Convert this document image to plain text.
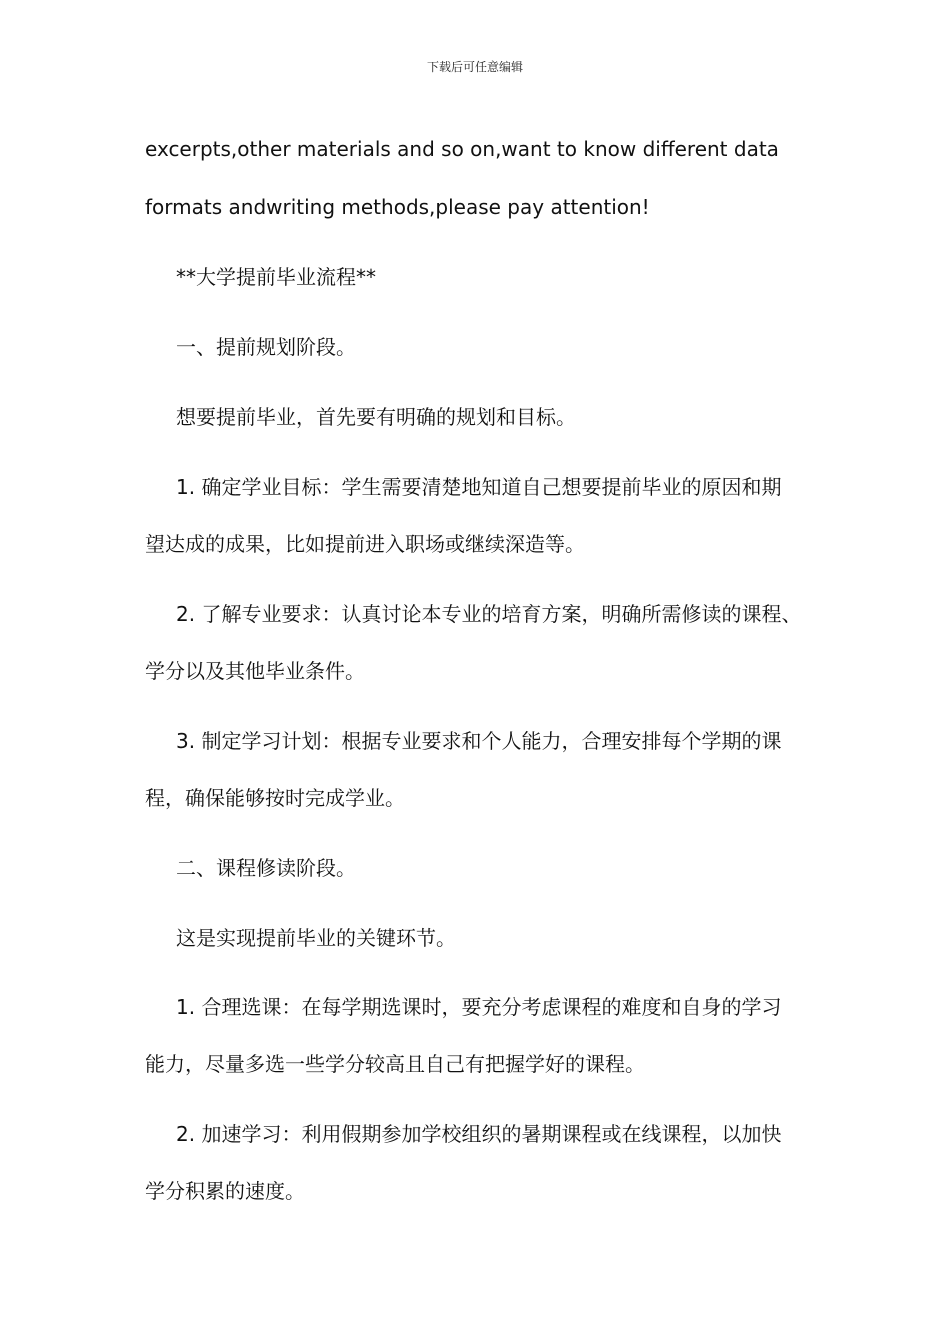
下载后可任意编辑
excerpts,other materials and so on,want to know different data
formats andwriting methods,please pay attention!
**大学提前毕业流程**
一、提前规划阶段。
想要提前毕业，首先要有明确的规划和目标。
1. 确定学业目标：学生需要清楚地知道自己想要提前毕业的原因和期
望达成的成果，比如提前进入职场或继续深造等。
2. 了解专业要求：认真讨论本专业的培育方案，明确所需修读的课程、
学分以及其他毕业条件。
3. 制定学习计划：根据专业要求和个人能力，合理安排每个学期的课
程，确保能够按时完成学业。
二、课程修读阶段。
这是实现提前毕业的关键环节。
1. 合理选课：在每学期选课时，要充分考虑课程的难度和自身的学习
能力，尽量多选一些学分较高且自己有把握学好的课程。
2. 加速学习：利用假期参加学校组织的暑期课程或在线课程，以加快
学分积累的速度。
